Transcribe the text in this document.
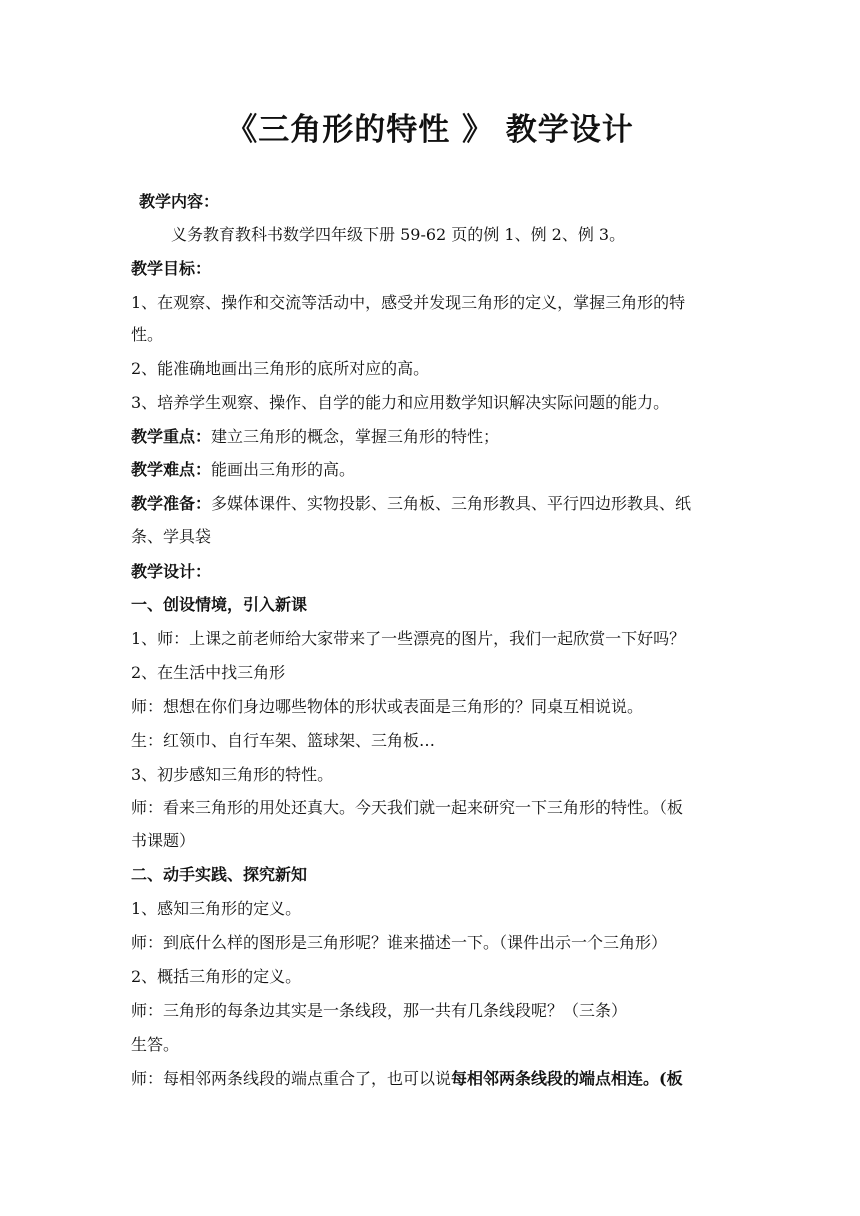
《三角形的特性 》 教学设计
教学内容：
义务教育教科书数学四年级下册 59-62 页的例 1、例 2、例 3。
教学目标：
1、在观察、操作和交流等活动中，感受并发现三角形的定义，掌握三角形的特
性。
2、能准确地画出三角形的底所对应的高。
3、培养学生观察、操作、自学的能力和应用数学知识解决实际问题的能力。
教学重点：建立三角形的概念，掌握三角形的特性；
教学难点：能画出三角形的高。
教学准备：多媒体课件、实物投影、三角板、三角形教具、平行四边形教具、纸
条、学具袋
教学设计：
一、创设情境，引入新课
1、师：上课之前老师给大家带来了一些漂亮的图片，我们一起欣赏一下好吗？
2、在生活中找三角形
师：想想在你们身边哪些物体的形状或表面是三角形的？同桌互相说说。
生：红领巾、自行车架、篮球架、三角板…
3、初步感知三角形的特性。
师：看来三角形的用处还真大。今天我们就一起来研究一下三角形的特性。（板
书课题）
二、动手实践、探究新知
1、感知三角形的定义。
师：到底什么样的图形是三角形呢？谁来描述一下。（课件出示一个三角形）
2、概括三角形的定义。
师：三角形的每条边其实是一条线段，那一共有几条线段呢？（三条）
生答。
师：每相邻两条线段的端点重合了，也可以说每相邻两条线段的端点相连。(板
